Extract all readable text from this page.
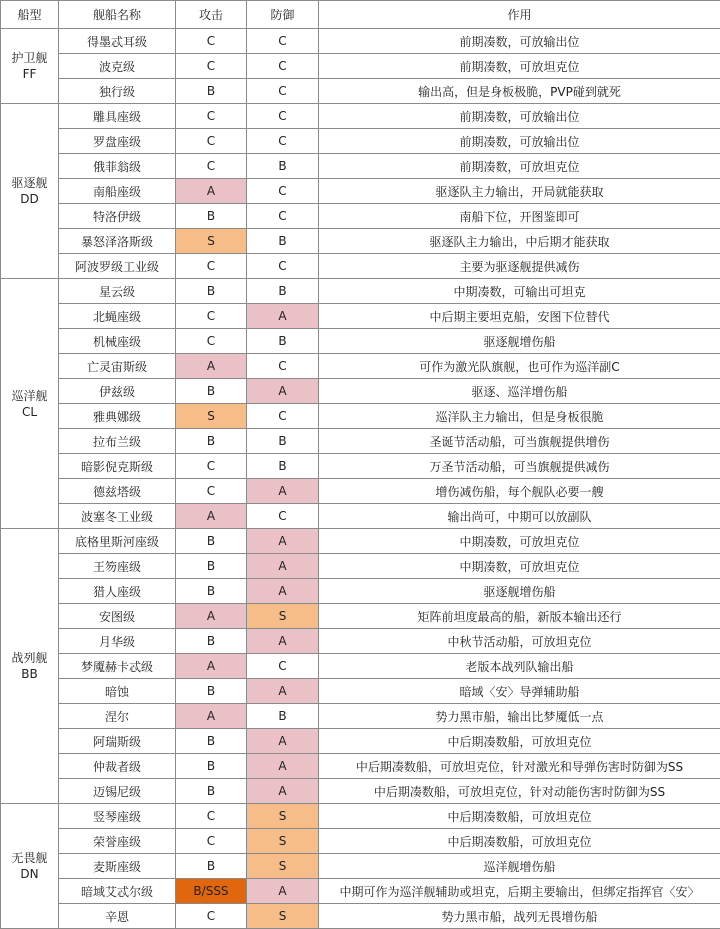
船型	舰船名称	攻击	防御	作用

护卫舰
FF	得墨忒耳级	C	C	前期凑数，可放输出位
	波克级	C	C	前期凑数，可放坦克位
	独行级	B	C	输出高，但是身板极脆，PVP碰到就死

驱逐舰
DD	雕具座级	C	C	前期凑数，可放输出位
	罗盘座级	C	C	前期凑数，可放输出位
	俄菲翁级	C	B	前期凑数，可放坦克位
	南船座级	A	C	驱逐队主力输出，开局就能获取
	特洛伊级	B	C	南船下位，开图鉴即可
	暴怒泽洛斯级	S	B	驱逐队主力输出，中后期才能获取
	阿波罗级工业级	C	C	主要为驱逐舰提供减伤

巡洋舰
CL	星云级	B	B	中期凑数，可输出可坦克
	北蝇座级	C	A	中后期主要坦克船，安图下位替代
	机械座级	C	B	驱逐舰增伤船
	亡灵宙斯级	A	C	可作为激光队旗舰，也可作为巡洋副C
	伊兹级	B	A	驱逐、巡洋增伤船
	雅典娜级	S	C	巡洋队主力输出，但是身板很脆
	拉布兰级	B	B	圣诞节活动船，可当旗舰提供增伤
	暗影倪克斯级	C	B	万圣节活动船，可当旗舰提供减伤
	德兹塔级	C	A	增伤减伤船，每个舰队必要一艘
	波塞冬工业级	A	C	输出尚可，中期可以放副队

战列舰
BB	底格里斯河座级	B	A	中期凑数，可放坦克位
	王笏座级	B	A	中期凑数，可放坦克位
	猎人座级	B	A	驱逐舰增伤船
	安图级	A	S	矩阵前坦度最高的船，新版本输出还行
	月华级	B	A	中秋节活动船，可放坦克位
	梦魇赫卡忒级	A	C	老版本战列队输出船
	暗蚀	B	A	暗域〈安〉导弹辅助船
	涅尔	A	B	势力黑市船，输出比梦魇低一点
	阿瑞斯级	B	A	中后期凑数船，可放坦克位
	仲裁者级	B	A	中后期凑数船，可放坦克位，针对激光和导弹伤害时防御为SS
	迈锡尼级	B	A	中后期凑数船，可放坦克位，针对动能伤害时防御为SS

无畏舰
DN	竖琴座级	C	S	中后期凑数船，可放坦克位
	荣誉座级	C	S	中后期凑数船，可放坦克位
	麦斯座级	B	S	巡洋舰增伤船
	暗域艾忒尔级	B/SSS	A	中期可作为巡洋舰辅助或坦克，后期主要输出，但绑定指挥官〈安〉
	辛恩	C	S	势力黑市船，战列无畏增伤船
